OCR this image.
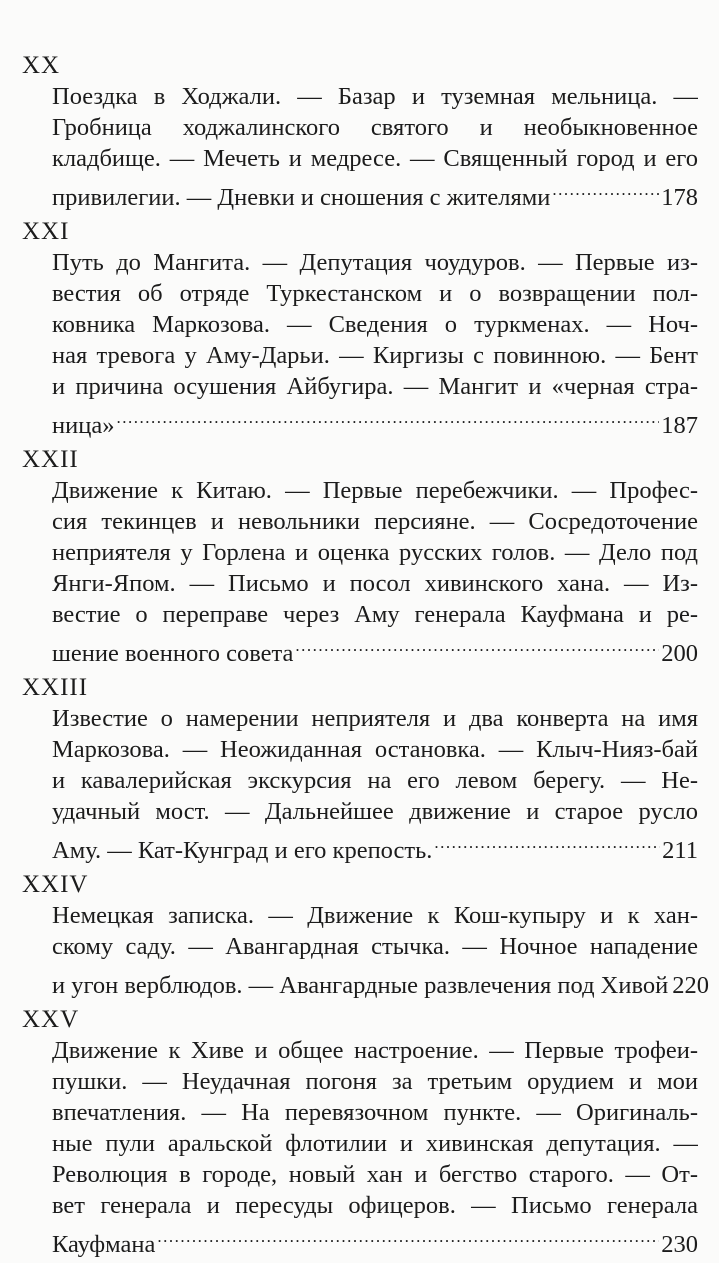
XX
Поездка в Ходжали. — Базар и туземная мельница. —
Гробница ходжалинского святого и необыкновенное
кладбище. — Мечеть и медресе. — Священный город и его
привилегии. — Дневки и сношения с жителями .....	178
XXI
Путь до Мангита. — Депутация чоудуров. — Первые из-
вестия об отряде Туркестанском и о возвращении пол-
ковника Маркозова. — Сведения о туркменах. — Ноч-
ная тревога у Аму-Дарьи. — Киргизы с повинною. — Бент
и причина осушения Айбугира. — Мангит и «черная стра-
ница» .....	187
XXII
Движение к Китаю. — Первые перебежчики. — Профес-
сия текинцев и невольники персияне. — Сосредоточение
неприятеля у Горлена и оценка русских голов. — Дело под
Янги-Япом. — Письмо и посол хивинского хана. — Из-
вестие о переправе через Аму генерала Кауфмана и ре-
шение военного совета .....	200
XXIII
Известие о намерении неприятеля и два конверта на имя
Маркозова. — Неожиданная остановка. — Клыч-Нияз-бай
и кавалерийская экскурсия на его левом берегу. — Не-
удачный мост. — Дальнейшее движение и старое русло
Аму. — Кат-Кунград и его крепость. .....	211
XXIV
Немецкая записка. — Движение к Кош-купыру и к хан-
скому саду. — Авангардная стычка. — Ночное нападение
и угон верблюдов. — Авангардные развлечения под Хивой 220
XXV
Движение к Хиве и общее настроение. — Первые трофеи-
пушки. — Неудачная погоня за третьим орудием и мои
впечатления. — На перевязочном пункте. — Оригиналь-
ные пули аральской флотилии и хивинская депутация. —
Революция в городе, новый хан и бегство старого. — От-
вет генерала и пересуды офицеров. — Письмо генерала
Кауфмана .....	230
